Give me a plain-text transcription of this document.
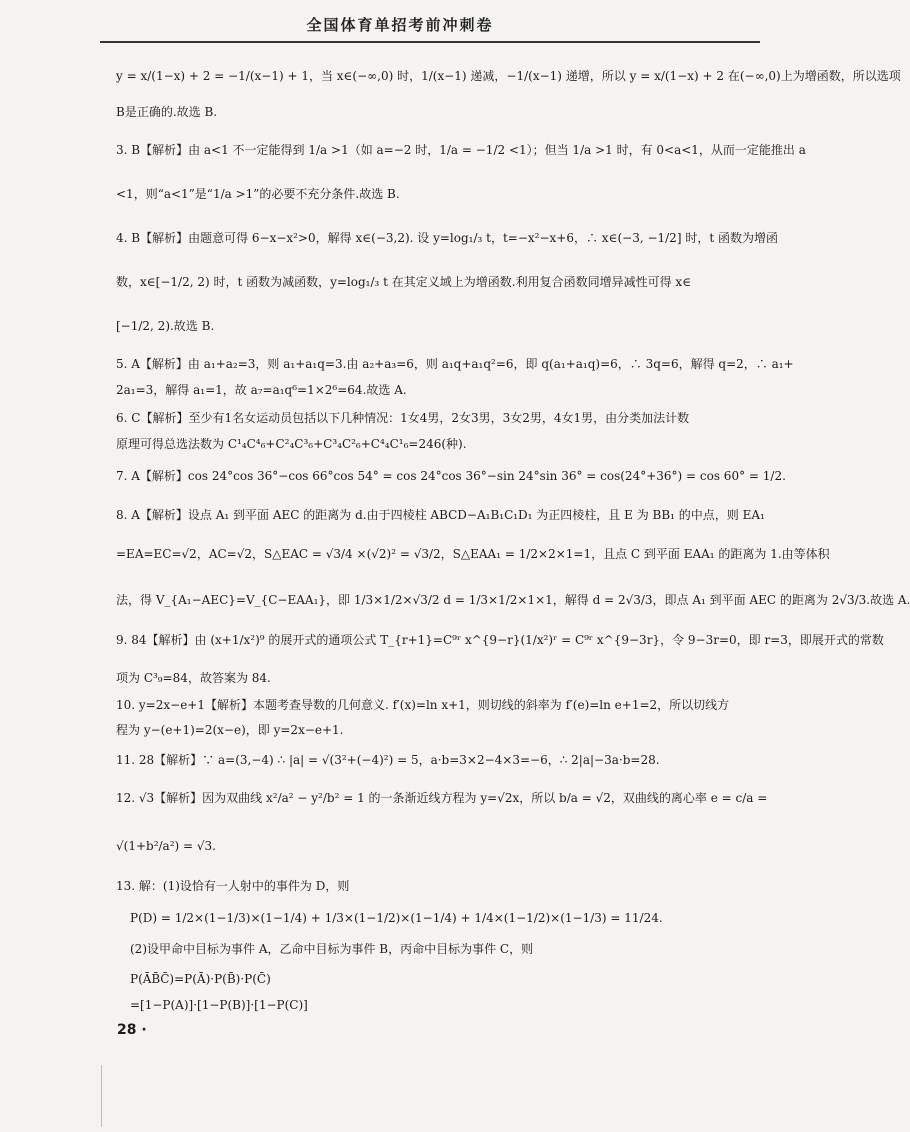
全国体育单招考前冲刺卷
y = x/(1−x) + 2 = −1/(x−1) + 1，当 x∈(−∞,0) 时，1/(x−1) 递减，−1/(x−1) 递增，所以 y = x/(1−x) + 2 在(−∞,0)上为增函数，所以选项
B是正确的.故选 B.
3. B【解析】由 a<1 不一定能得到 1/a >1（如 a=−2 时，1/a = −1/2 <1）；但当 1/a >1 时，有 0<a<1，从而一定能推出 a
<1，则“a<1”是“1/a >1”的必要不充分条件.故选 B.
4. B【解析】由题意可得 6−x−x²>0，解得 x∈(−3,2). 设 y=log₁/₃ t，t=−x²−x+6，∴ x∈(−3, −1/2] 时，t 函数为增函
数，x∈[−1/2, 2) 时，t 函数为减函数，y=log₁/₃ t 在其定义域上为增函数.利用复合函数同增异减性可得 x∈
[−1/2, 2).故选 B.
5. A【解析】由 a₁+a₂=3，则 a₁+a₁q=3.由 a₂+a₃=6，则 a₁q+a₁q²=6，即 q(a₁+a₁q)=6，∴ 3q=6，解得 q=2，∴ a₁+
2a₁=3，解得 a₁=1，故 a₇=a₁q⁶=1×2⁶=64.故选 A.
6. C【解析】至少有1名女运动员包括以下几种情况：1女4男，2女3男，3女2男，4女1男，由分类加法计数
原理可得总选法数为 C¹₄C⁴₆+C²₄C³₆+C³₄C²₆+C⁴₄C¹₆=246(种).
7. A【解析】cos 24°cos 36°−cos 66°cos 54° = cos 24°cos 36°−sin 24°sin 36° = cos(24°+36°) = cos 60° = 1/2.
8. A【解析】设点 A₁ 到平面 AEC 的距离为 d.由于四棱柱 ABCD−A₁B₁C₁D₁ 为正四棱柱，且 E 为 BB₁ 的中点，则 EA₁
=EA=EC=√2，AC=√2，S△EAC = √3/4 ×(√2)² = √3/2，S△EAA₁ = 1/2×2×1=1，且点 C 到平面 EAA₁ 的距离为 1.由等体积
法，得 V_{A₁−AEC}=V_{C−EAA₁}，即 1/3×1/2×√3/2 d = 1/3×1/2×1×1，解得 d = 2√3/3，即点 A₁ 到平面 AEC 的距离为 2√3/3.故选 A.
9. 84【解析】由 (x+1/x²)⁹ 的展开式的通项公式 T_{r+1}=C⁹ʳ x^{9−r}(1/x²)ʳ = C⁹ʳ x^{9−3r}，令 9−3r=0，即 r=3，即展开式的常数
项为 C³₉=84，故答案为 84.
10. y=2x−e+1【解析】本题考查导数的几何意义. f′(x)=ln x+1，则切线的斜率为 f′(e)=ln e+1=2，所以切线方
程为 y−(e+1)=2(x−e)，即 y=2x−e+1.
11. 28【解析】∵ a=(3,−4) ∴ |a| = √(3²+(−4)²) = 5，a·b=3×2−4×3=−6，∴ 2|a|−3a·b=28.
12. √3【解析】因为双曲线 x²/a² − y²/b² = 1 的一条渐近线方程为 y=√2x，所以 b/a = √2，双曲线的离心率 e = c/a =
√(1+b²/a²) = √3.
13. 解：(1)设恰有一人射中的事件为 D，则
P(D) = 1/2×(1−1/3)×(1−1/4) + 1/3×(1−1/2)×(1−1/4) + 1/4×(1−1/2)×(1−1/3) = 11/24.
(2)设甲命中目标为事件 A，乙命中目标为事件 B，丙命中目标为事件 C，则
P(ĀB̄C̄)=P(Ā)·P(B̄)·P(C̄)
=[1−P(A)]·[1−P(B)]·[1−P(C)]
28 ·
